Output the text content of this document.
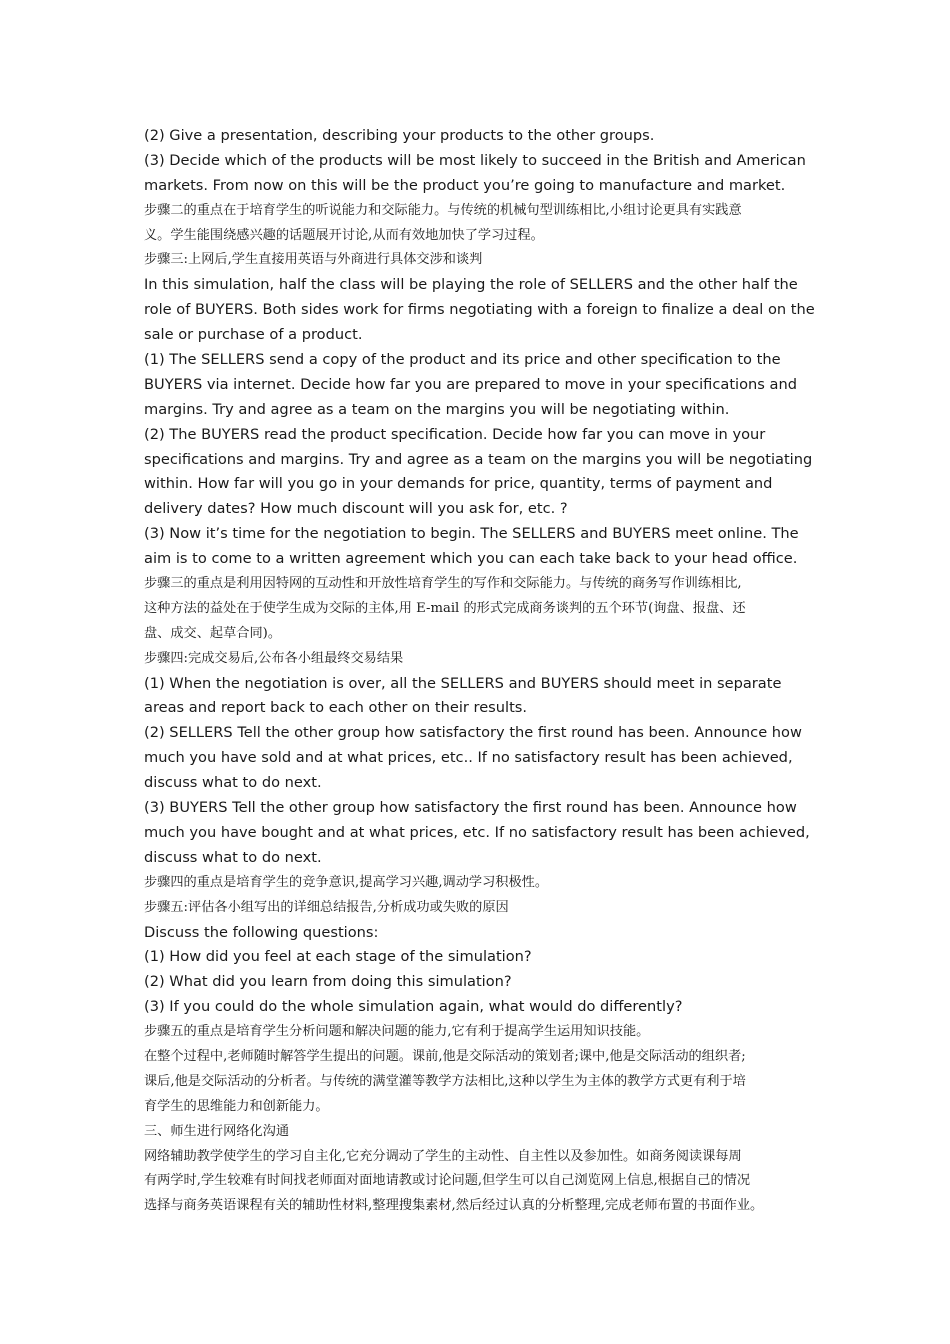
(2) Give a presentation, describing your products to the other groups.
(3) Decide which of the products will be most likely to succeed in the British and American
markets. From now on this will be the product you’re going to manufacture and market.
步骤二的重点在于培育学生的听说能力和交际能力。与传统的机械句型训练相比,小组讨论更具有实践意
义。学生能围绕感兴趣的话题展开讨论,从而有效地加快了学习过程。
步骤三:上网后,学生直接用英语与外商进行具体交涉和谈判
In this simulation, half the class will be playing the role of SELLERS and the other half the
role of BUYERS. Both sides work for firms negotiating with a foreign to finalize a deal on the
sale or purchase of a product.
(1) The SELLERS send a copy of the product and its price and other specification to the
BUYERS via internet. Decide how far you are prepared to move in your specifications and
margins. Try and agree as a team on the margins you will be negotiating within.
(2) The BUYERS read the product specification. Decide how far you can move in your
specifications and margins. Try and agree as a team on the margins you will be negotiating
within. How far will you go in your demands for price, quantity, terms of payment and
delivery dates? How much discount will you ask for, etc. ?
(3) Now it’s time for the negotiation to begin. The SELLERS and BUYERS meet online. The
aim is to come to a written agreement which you can each take back to your head office.
步骤三的重点是利用因特网的互动性和开放性培育学生的写作和交际能力。与传统的商务写作训练相比,
这种方法的益处在于使学生成为交际的主体,用 E-mail 的形式完成商务谈判的五个环节(询盘、报盘、还
盘、成交、起草合同)。
步骤四:完成交易后,公布各小组最终交易结果
(1) When the negotiation is over, all the SELLERS and BUYERS should meet in separate
areas and report back to each other on their results.
(2) SELLERS Tell the other group how satisfactory the first round has been. Announce how
much you have sold and at what prices, etc.. If no satisfactory result has been achieved,
discuss what to do next.
(3) BUYERS Tell the other group how satisfactory the first round has been. Announce how
much you have bought and at what prices, etc. If no satisfactory result has been achieved,
discuss what to do next.
步骤四的重点是培育学生的竞争意识,提高学习兴趣,调动学习积极性。
步骤五:评估各小组写出的详细总结报告,分析成功或失败的原因
Discuss the following questions:
(1) How did you feel at each stage of the simulation?
(2) What did you learn from doing this simulation?
(3) If you could do the whole simulation again, what would do differently?
步骤五的重点是培育学生分析问题和解决问题的能力,它有利于提高学生运用知识技能。
在整个过程中,老师随时解答学生提出的问题。课前,他是交际活动的策划者;课中,他是交际活动的组织者;
课后,他是交际活动的分析者。与传统的满堂灌等教学方法相比,这种以学生为主体的教学方式更有利于培
育学生的思维能力和创新能力。
三、师生进行网络化沟通
网络辅助教学使学生的学习自主化,它充分调动了学生的主动性、自主性以及参加性。如商务阅读课每周
有两学时,学生较难有时间找老师面对面地请教或讨论问题,但学生可以自己浏览网上信息,根据自己的情况
选择与商务英语课程有关的辅助性材料,整理搜集素材,然后经过认真的分析整理,完成老师布置的书面作业。
